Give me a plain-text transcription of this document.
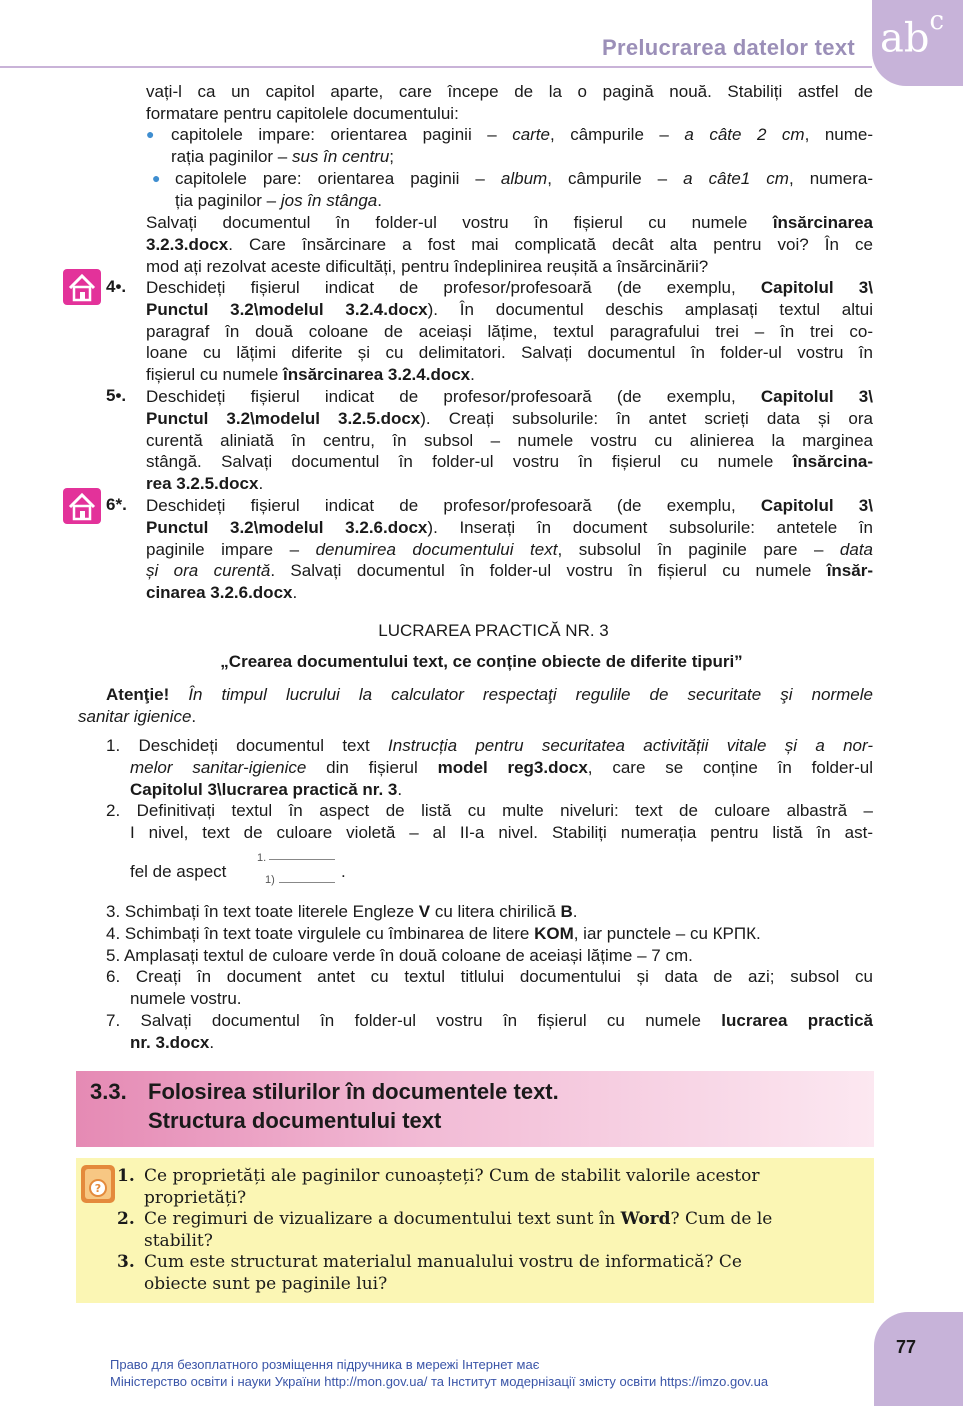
Prelucrarea datelor text $ab^c$
vați-l ca un capitol aparte, care începe de la o pagină nouă. Stabiliți astfel de
formatare pentru capitolele documentului:
● capitolele impare: orientarea paginii – carte, câmpurile – a câte 2 cm, nume-
rația paginilor – sus în centru;
● capitolele pare: orientarea paginii – album, câmpurile – a câte1 cm, numera-
ția paginilor – jos în stânga.
Salvați documentul în folder-ul vostru în fișierul cu numele însărcinarea
3.2.3.docx. Care însărcinare a fost mai complicată decât alta pentru voi? În ce
mod ați rezolvat aceste dificultăți, pentru îndeplinirea reușită a însărcinării?
4•. Deschideți fișierul indicat de profesor/profesoară (de exemplu, Capitolul 3\
Punctul 3.2\modelul 3.2.4.docx). În documentul deschis amplasați textul altui
paragraf în două coloane de aceiași lățime, textul paragrafului trei – în trei co-
loane cu lățimi diferite și cu delimitatori. Salvați documentul în folder-ul vostru în
fișierul cu numele însărcinarea 3.2.4.docx.
5•. Deschideți fișierul indicat de profesor/profesoară (de exemplu, Capitolul 3\
Punctul 3.2\modelul 3.2.5.docx). Creați subsolurile: în antet scrieți data și ora
curentă aliniată în centru, în subsol – numele vostru cu alinierea la marginea
stângă. Salvați documentul în folder-ul vostru în fișierul cu numele însărcina-
rea 3.2.5.docx.
6*. Deschideți fișierul indicat de profesor/profesoară (de exemplu, Capitolul 3\
Punctul 3.2\modelul 3.2.6.docx). Inserați în document subsolurile: antetele în
paginile impare – denumirea documentului text, subsolul în paginile pare – data
și ora curentă. Salvați documentul în folder-ul vostru în fișierul cu numele însăr-
cinarea 3.2.6.docx.
LUCRAREA PRACTICĂ NR. 3
„Crearea documentului text, ce conține obiecte de diferite tipuri”
Atenţie! În timpul lucrului la calculator respectaţi regulile de securitate şi normele
sanitar igienice.
1. Deschideți documentul text Instrucția pentru securitatea activității vitale și a nor-
melor sanitar-igienice din fișierul model reg3.docx, care se conține în folder-ul
Capitolul 3\lucrarea practică nr. 3.
2. Definitivați textul în aspect de listă cu multe niveluri: text de culoare albastră –
I nivel, text de culoare violetă – al II-a nivel. Stabiliți numerația pentru listă în ast-
fel de aspect
1.
1)	.
3. Schimbați în text toate literele Engleze V cu litera chirilică B.
4. Schimbați în text toate virgulele cu îmbinarea de litere KOM, iar punctele – cu КРПК.
5. Amplasați textul de culoare verde în două coloane de aceiași lățime – 7 cm.
6. Creați în document antet cu textul titlului documentului și data de azi; subsol cu
numele vostru.
7. Salvați documentul în folder-ul vostru în fișierul cu numele lucrarea practică
nr. 3.docx.
3.3. Folosirea stilurilor în documentele text.
Structura documentului text
?
1. Ce proprietăți ale paginilor cunoașteți? Cum de stabilit valorile acestor
proprietăți?
2. Ce regimuri de vizualizare a documentului text sunt în Word? Cum de le
stabilit?
3. Cum este structurat materialul manualului vostru de informatică? Ce
obiecte sunt pe paginile lui?
77
Право для безоплатного розміщення підручника в мережі Інтернет має
Міністерство освіти і науки України http://mon.gov.ua/ та Інститут модернізації змісту освіти https://imzo.gov.ua
